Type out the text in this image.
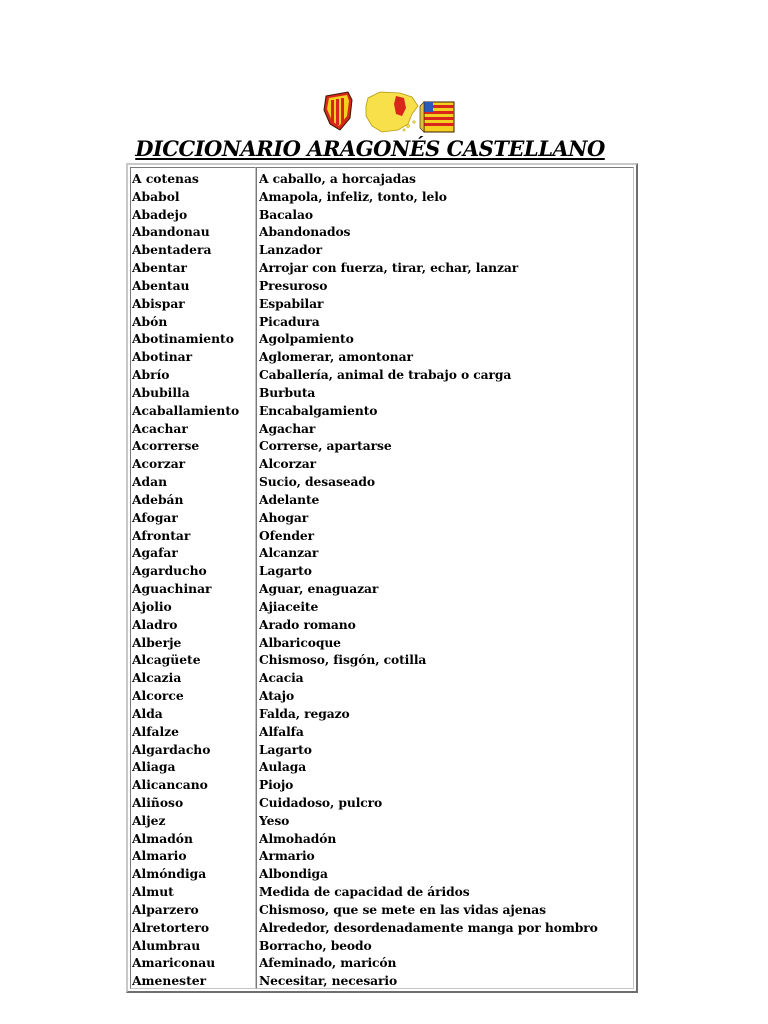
DICCIONARIO ARAGONÉS CASTELLANO
A cotenas	A caballo, a horcajadas
Ababol	Amapola, infeliz, tonto, lelo
Abadejo	Bacalao
Abandonau	Abandonados
Abentadera	Lanzador
Abentar	Arrojar con fuerza, tirar, echar, lanzar
Abentau	Presuroso
Abispar	Espabilar
Abón	Picadura
Abotinamiento	Agolpamiento
Abotinar	Aglomerar, amontonar
Abrío	Caballería, animal de trabajo o carga
Abubilla	Burbuta
Acaballamiento	Encabalgamiento
Acachar	Agachar
Acorrerse	Correrse, apartarse
Acorzar	Alcorzar
Adan	Sucio, desaseado
Adebán	Adelante
Afogar	Ahogar
Afrontar	Ofender
Agafar	Alcanzar
Agarducho	Lagarto
Aguachinar	Aguar, enaguazar
Ajolio	Ajiaceite
Aladro	Arado romano
Alberje	Albaricoque
Alcagüete	Chismoso, fisgón, cotilla
Alcazia	Acacia
Alcorce	Atajo
Alda	Falda, regazo
Alfalze	Alfalfa
Algardacho	Lagarto
Aliaga	Aulaga
Alicancano	Piojo
Aliñoso	Cuidadoso, pulcro
Aljez	Yeso
Almadón	Almohadón
Almario	Armario
Almóndiga	Albondiga
Almut	Medida de capacidad de áridos
Alparzero	Chismoso, que se mete en las vidas ajenas
Alretortero	Alrededor, desordenadamente manga por hombro
Alumbrau	Borracho, beodo
Amariconau	Afeminado, maricón
Amenester	Necesitar, necesario
